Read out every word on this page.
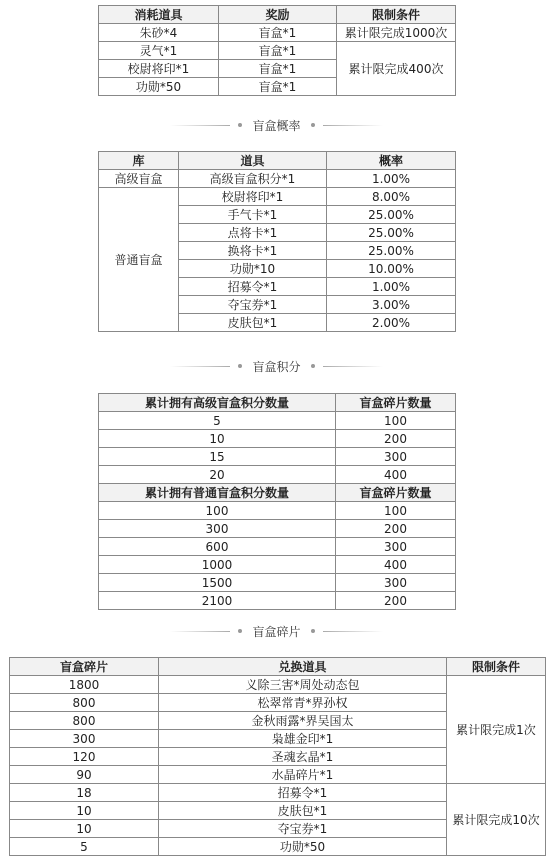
消耗道具	奖励	限制条件
朱砂*4	盲盒*1	累计限完成1000次
灵气*1	盲盒*1	累计限完成400次
校尉将印*1	盲盒*1	
功勋*50	盲盒*1	
盲盒概率
库	道具	概率
高级盲盒	高级盲盒积分*1	1.00%
普通盲盒	校尉将印*1	8.00%
	手气卡*1	25.00%
	点将卡*1	25.00%
	换将卡*1	25.00%
	功勋*10	10.00%
	招募令*1	1.00%
	夺宝券*1	3.00%
	皮肤包*1	2.00%
盲盒积分
累计拥有高级盲盒积分数量	盲盒碎片数量
5	100
10	200
15	300
20	400
累计拥有普通盲盒积分数量	盲盒碎片数量
100	100
300	200
600	300
1000	400
1500	300
2100	200
盲盒碎片
盲盒碎片	兑换道具	限制条件
1800	义除三害*周处动态包	累计限完成1次
800	松翠常青*界孙权	
800	金秋雨露*界吴国太	
300	枭雄金印*1	
120	圣魂玄晶*1	
90	水晶碎片*1	
18	招募令*1	累计限完成10次
10	皮肤包*1	
10	夺宝券*1	
5	功勋*50	
